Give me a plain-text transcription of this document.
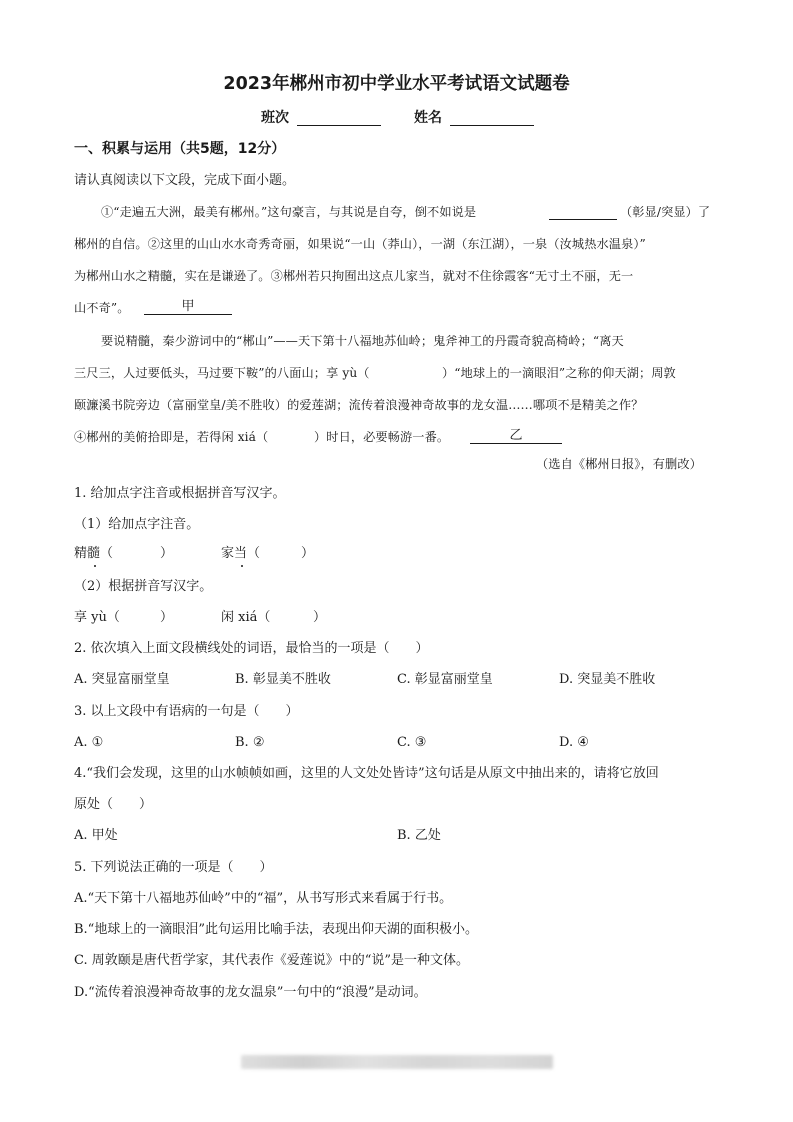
2023年郴州市初中学业水平考试语文试题卷
班次	姓名
一、积累与运用（共5题，12分）
请认真阅读以下文段，完成下面小题。
①“走遍五大洲，最美有郴州。”这句豪言，与其说是自夸，倒不如说是	（彰显/突显）了
郴州的自信。②这里的山山水水奇秀奇丽，如果说“一山（莽山），一湖（东江湖），一泉（汝城热水温泉）”
为郴州山水之精髓，实在是谦逊了。③郴州若只拘囿出这点儿家当，就对不住徐霞客“无寸土不丽，无一
山不奇”。	甲
要说精髓，秦少游词中的“郴山”——天下第十八福地苏仙岭；鬼斧神工的丹霞奇貌高椅岭；“离天
三尺三，人过要低头，马过要下鞍”的八面山；享 yù（	）“地球上的一滴眼泪”之称的仰天湖；周敦
颐濂溪书院旁边（富丽堂皇/美不胜收）的爱莲湖；流传着浪漫神奇故事的龙女温……哪项不是精美之作？
④郴州的美俯拾即是，若得闲 xiá（	）时日，必要畅游一番。	乙
（选自《郴州日报》，有删改）
1. 给加点字注音或根据拼音写汉字。
（1）给加点字注音。
精髓（	）	家当（	）
（2）根据拼音写汉字。
享 yù（	）	闲 xiá（	）
2. 依次填入上面文段横线处的词语，最恰当的一项是（　　）
A. 突显富丽堂皇	B. 彰显美不胜收	C. 彰显富丽堂皇	D. 突显美不胜收
3. 以上文段中有语病的一句是（　　）
A. ①	B. ②	C. ③	D. ④
4.“我们会发现，这里的山水帧帧如画，这里的人文处处皆诗”这句话是从原文中抽出来的，请将它放回
原处（　　）
A. 甲处	B. 乙处
5. 下列说法正确的一项是（　　）
A.“天下第十八福地苏仙岭”中的“福”，从书写形式来看属于行书。
B.“地球上的一滴眼泪”此句运用比喻手法，表现出仰天湖的面积极小。
C. 周敦颐是唐代哲学家，其代表作《爱莲说》中的“说”是一种文体。
D.“流传着浪漫神奇故事的龙女温泉”一句中的“浪漫”是动词。
